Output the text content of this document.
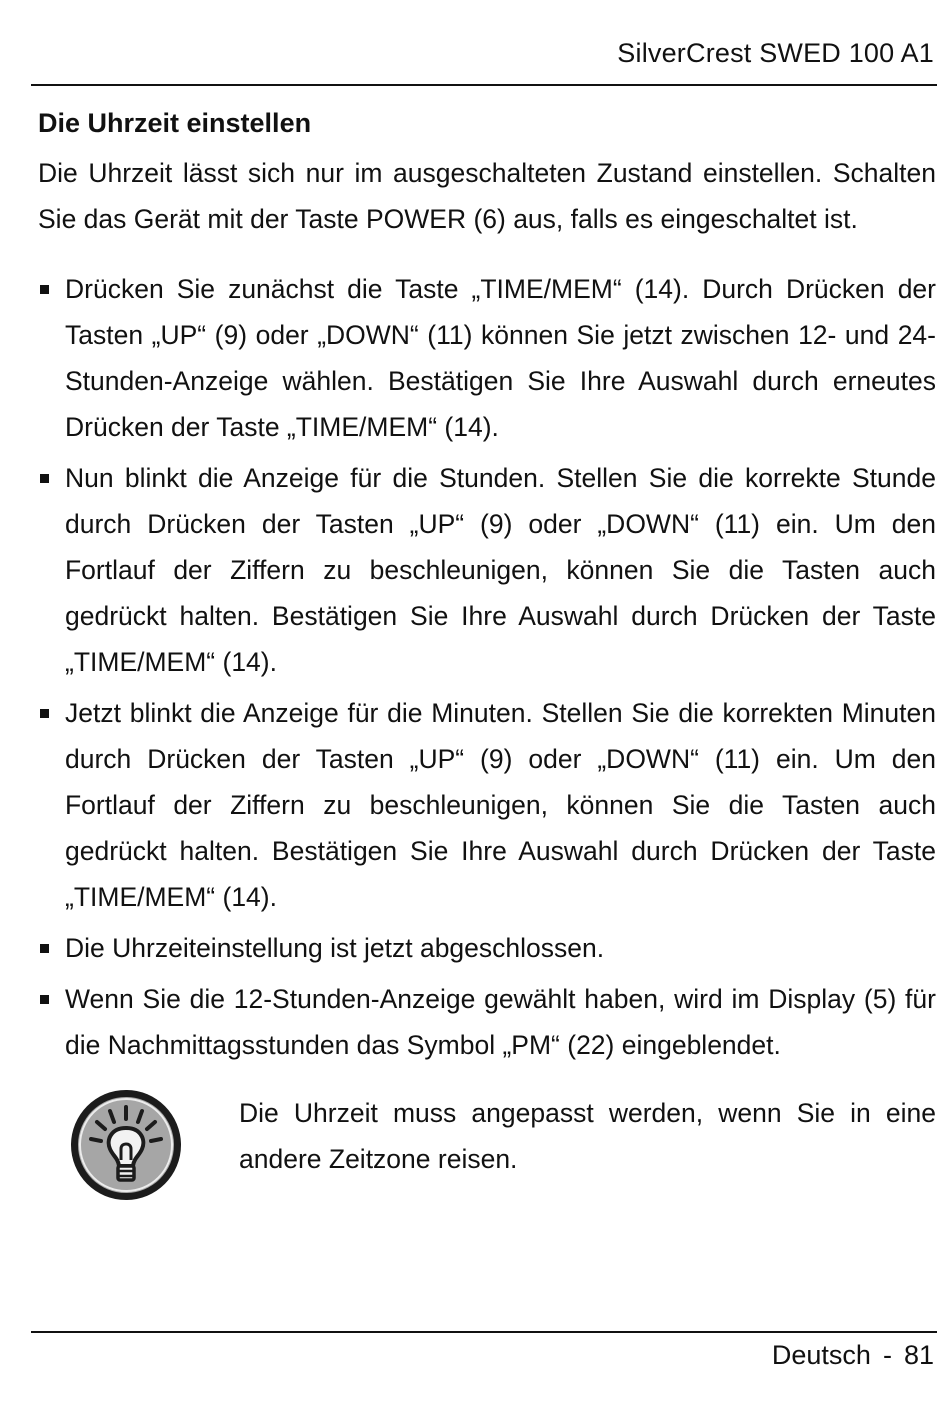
SilverCrest SWED 100 A1
Die Uhrzeit einstellen
Die Uhrzeit lässt sich nur im ausgeschalteten Zustand einstellen. Schalten Sie das Gerät mit der Taste POWER (6) aus, falls es eingeschaltet ist.
Drücken Sie zunächst die Taste „TIME/MEM“ (14). Durch Drücken der Tasten „UP“ (9) oder „DOWN“ (11) können Sie jetzt zwischen 12- und 24-Stunden-Anzeige wählen. Bestätigen Sie Ihre Auswahl durch erneutes Drücken der Taste „TIME/MEM“ (14).
Nun blinkt die Anzeige für die Stunden. Stellen Sie die korrekte Stunde durch Drücken der Tasten „UP“ (9) oder „DOWN“ (11) ein. Um den Fortlauf der Ziffern zu beschleunigen, können Sie die Tasten auch gedrückt halten. Bestätigen Sie Ihre Auswahl durch Drücken der Taste „TIME/MEM“ (14).
Jetzt blinkt die Anzeige für die Minuten. Stellen Sie die korrekten Minuten durch Drücken der Tasten „UP“ (9) oder „DOWN“ (11) ein. Um den Fortlauf der Ziffern zu beschleunigen, können Sie die Tasten auch gedrückt halten. Bestätigen Sie Ihre Auswahl durch Drücken der Taste „TIME/MEM“ (14).
Die Uhrzeiteinstellung ist jetzt abgeschlossen.
Wenn Sie die 12-Stunden-Anzeige gewählt haben, wird im Display (5) für die Nachmittagsstunden das Symbol „PM“ (22) eingeblendet.
Die Uhrzeit muss angepasst werden, wenn Sie in eine andere Zeitzone reisen.
Deutsch - 81
